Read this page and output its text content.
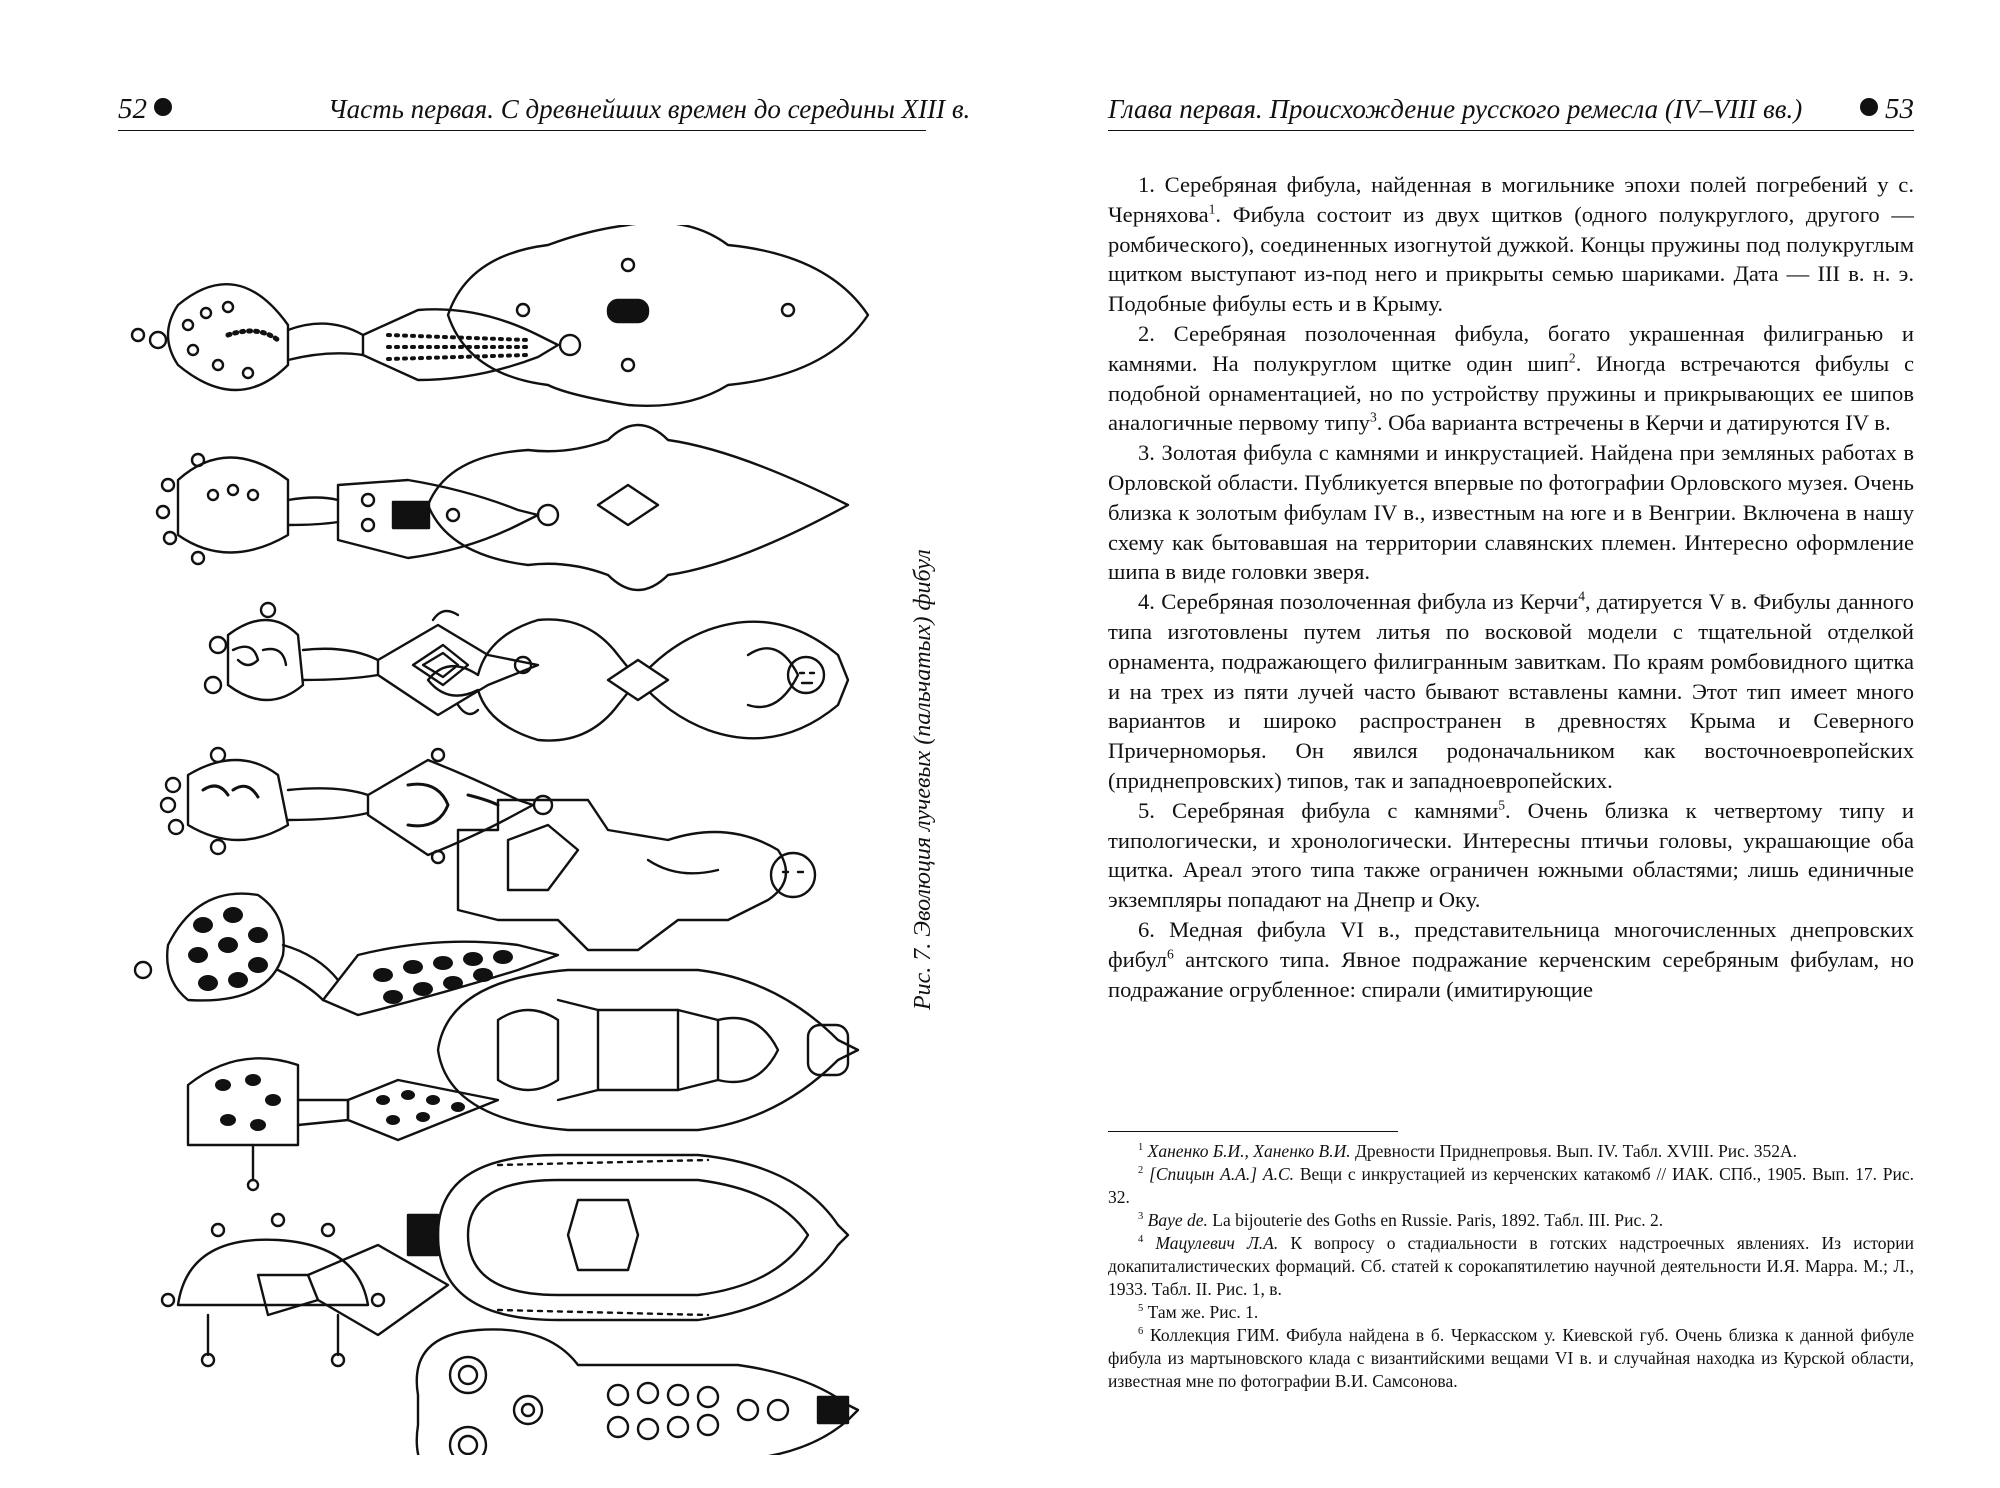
52	Часть первая. С древнейших времен до середины XIII в.
Рис. 7. Эволюция лучевых (пальчатых) фибул
Глава первая. Происхождение русского ремесла (IV–VIII вв.)	53

1. Серебряная фибула, найденная в могильнике эпохи полей погребений у с. Черняхова$^1$. Фибула состоит из двух щитков (одного полукруглого, другого — ромбического), соединенных изогнутой дужкой. Концы пружины под полукруглым щитком выступают из-под него и прикрыты семью шариками. Дата — III в. н. э. Подобные фибулы есть и в Крыму.

2. Серебряная позолоченная фибула, богато украшенная филигранью и камнями. На полукруглом щитке один шип$^2$. Иногда встречаются фибулы с подобной орнаментацией, но по устройству пружины и прикрывающих ее шипов аналогичные первому типу$^3$. Оба варианта встречены в Керчи и датируются IV в.

3. Золотая фибула с камнями и инкрустацией. Найдена при земляных работах в Орловской области. Публикуется впервые по фотографии Орловского музея. Очень близка к золотым фибулам IV в., известным на юге и в Венгрии. Включена в нашу схему как бытовавшая на территории славянских племен. Интересно оформление шипа в виде головки зверя.

4. Серебряная позолоченная фибула из Керчи$^4$, датируется V в. Фибулы данного типа изготовлены путем литья по восковой модели с тщательной отделкой орнамента, подражающего филигранным завиткам. По краям ромбовидного щитка и на трех из пяти лучей часто бывают вставлены камни. Этот тип имеет много вариантов и широко распространен в древностях Крыма и Северного Причерноморья. Он явился родоначальником как восточноевропейских (приднепровских) типов, так и западноевропейских.

5. Серебряная фибула с камнями$^5$. Очень близка к четвертому типу и типологически, и хронологически. Интересны птичьи головы, украшающие оба щитка. Ареал этого типа также ограничен южными областями; лишь единичные экземпляры попадают на Днепр и Оку.

6. Медная фибула VI в., представительница многочисленных днепровских фибул$^6$ антского типа. Явное подражание керченским серебряным фибулам, но подражание огрубленное: спирали (имитирующие

$^1$ Ханенко Б.И., Ханенко В.И. Древности Приднепровья. Вып. IV. Табл. XVIII. Рис. 352А.

$^2$ [Спицын А.А.] А.С. Вещи с инкрустацией из керченских катакомб // ИАК. СПб., 1905. Вып. 17. Рис. 32.

$^3$ Baye de. La bijouterie des Goths en Russie. Paris, 1892. Табл. III. Рис. 2.

$^4$ Мацулевич Л.А. К вопросу о стадиальности в готских надстроечных явлениях. Из истории докапиталистических формаций. Сб. статей к сорокапятилетию научной деятельности И.Я. Марра. М.; Л., 1933. Табл. II. Рис. 1, в.

$^5$ Там же. Рис. 1.

$^6$ Коллекция ГИМ. Фибула найдена в б. Черкасском у. Киевской губ. Очень близка к данной фибуле фибула из мартыновского клада с византийскими вещами VI в. и случайная находка из Курской области, известная мне по фотографии В.И. Самсонова.
